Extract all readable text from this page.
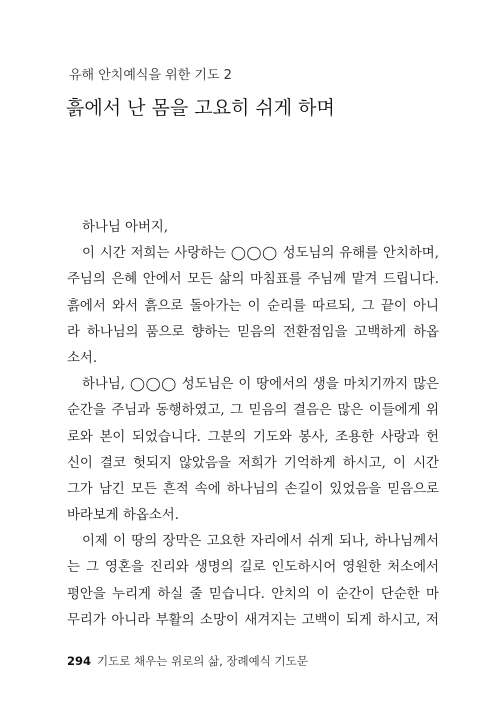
유해 안치예식을 위한 기도 2
흙에서 난 몸을 고요히 쉬게 하며
하나님 아버지,
이 시간 저희는 사랑하는 ◯◯◯ 성도님의 유해를 안치하며,
주님의 은혜 안에서 모든 삶의 마침표를 주님께 맡겨 드립니다.
흙에서 와서 흙으로 돌아가는 이 순리를 따르되, 그 끝이 아니
라 하나님의 품으로 향하는 믿음의 전환점임을 고백하게 하옵
소서.
하나님, ◯◯◯ 성도님은 이 땅에서의 생을 마치기까지 많은
순간을 주님과 동행하였고, 그 믿음의 결음은 많은 이들에게 위
로와 본이 되었습니다. 그분의 기도와 봉사, 조용한 사랑과 헌
신이 결코 헛되지 않았음을 저희가 기억하게 하시고, 이 시간
그가 남긴 모든 흔적 속에 하나님의 손길이 있었음을 믿음으로
바라보게 하옵소서.
이제 이 땅의 장막은 고요한 자리에서 쉬게 되나, 하나님께서
는 그 영혼을 진리와 생명의 길로 인도하시어 영원한 처소에서
평안을 누리게 하실 줄 믿습니다. 안치의 이 순간이 단순한 마
무리가 아니라 부활의 소망이 새겨지는 고백이 되게 하시고, 저
294 기도로 채우는 위로의 삶, 장례예식 기도문
